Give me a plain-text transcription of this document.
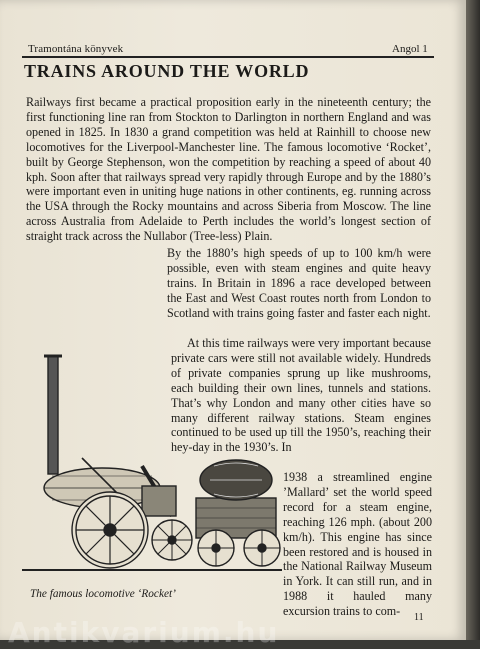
Tramontána könyvek	Angol 1
TRAINS AROUND THE WORLD

Railways first became a practical proposition early in the nineteenth century; the first functioning line ran from Stockton to Darlington in northern England and was opened in 1825. In 1830 a grand competition was held at Rainhill to choose new locomotives for the Liverpool-Manchester line. The famous locomotive ‘Rocket’, built by George Stephenson, won the competition by reaching a speed of about 40 kph. Soon after that railways spread very rapidly through Europe and by the 1880’s were important even in uniting huge nations in other continents, eg. running across the USA through the Rocky mountains and across Siberia from Moscow. The line across Australia from Adelaide to Perth includes the world’s longest section of straight track across the Nullabor (Tree-less) Plain.

By the 1880’s high speeds of up to 100 km/h were possible, even with steam engines and quite heavy trains. In Britain in 1896 a race developed between the East and West Coast routes north from London to Scotland with trains going faster and faster each night.

At this time railways were very important because private cars were still not available widely. Hundreds of private companies sprung up like mushrooms, each building their own lines, tunnels and stations. That’s why London and many other cities have so many different railway stations. Steam engines continued to be used up till the 1950’s, reaching their hey-day in the 1930’s. In

1938 a streamlined engine ’Mallard’ set the world speed record for a steam engine, reaching 126 mph. (about 200 km/h). This engine has since been restored and is housed in the National Railway Museum in York. It can still run, and in 1988 it hauled many excursion trains to com-

The famous locomotive ‘Rocket’
11
Antikvarium.hu
